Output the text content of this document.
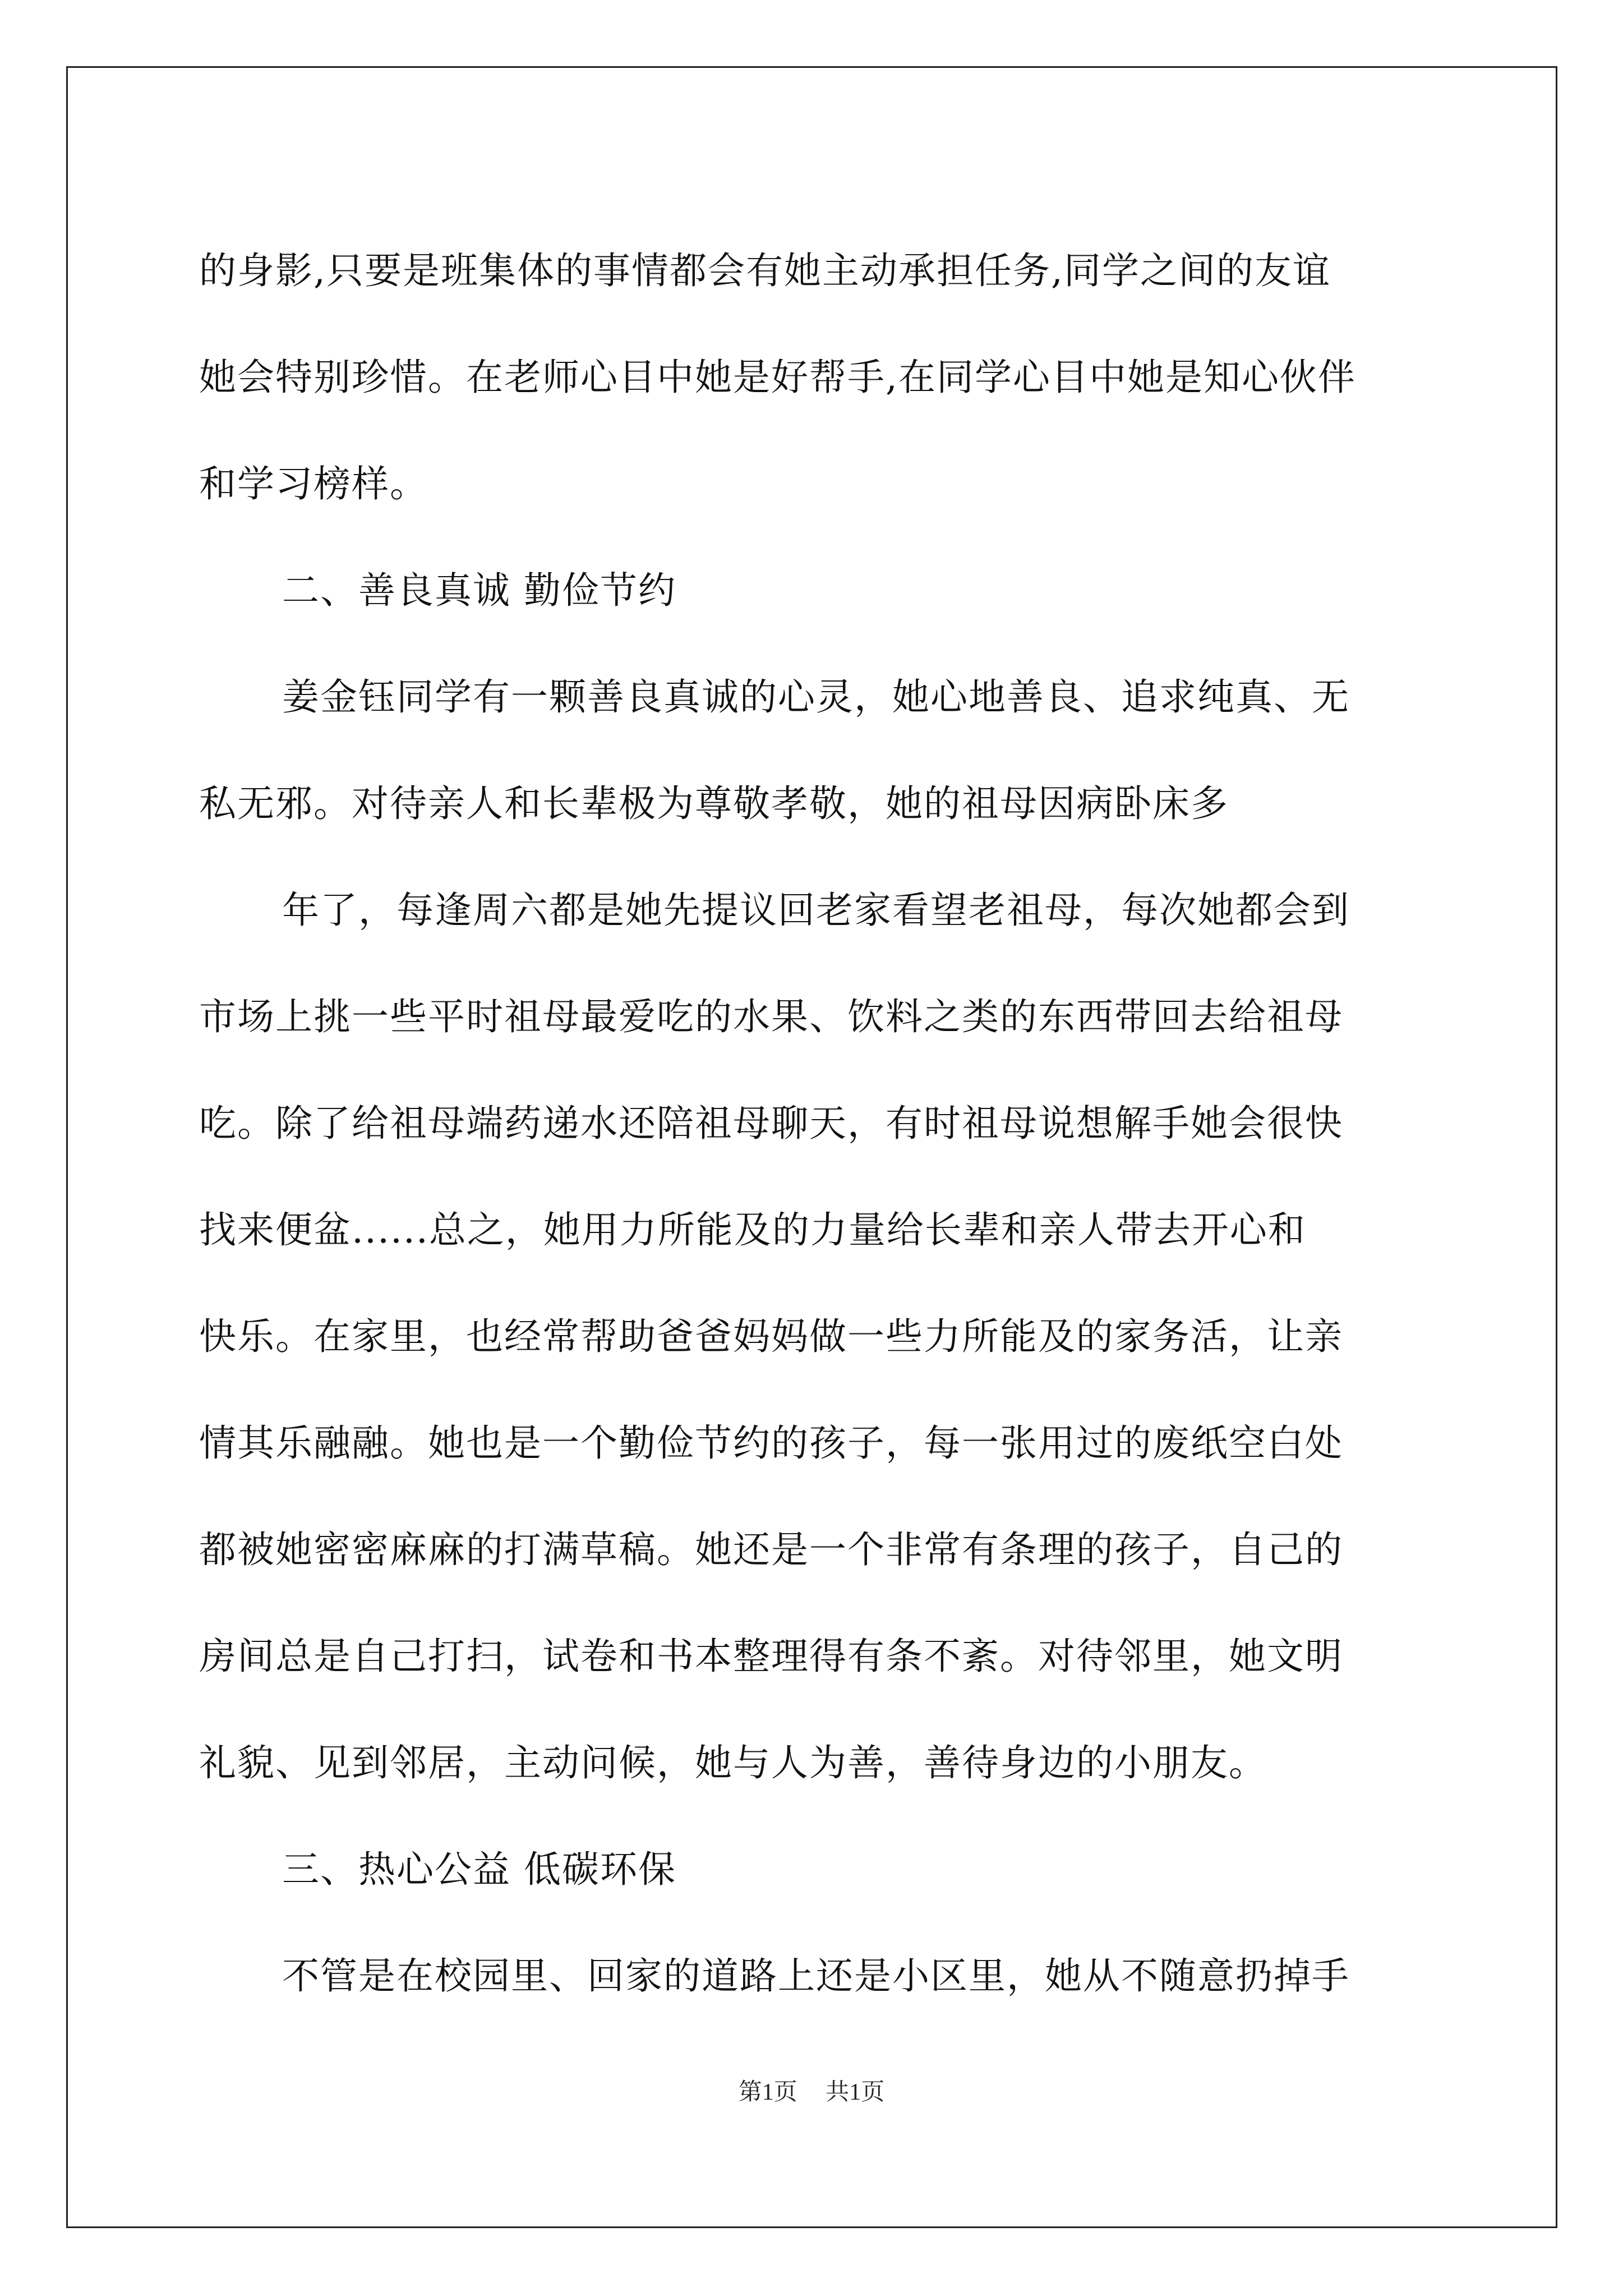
的身影,只要是班集体的事情都会有她主动承担任务,同学之间的友谊
她会特别珍惜。在老师心目中她是好帮手,在同学心目中她是知心伙伴
和学习榜样。
二、善良真诚 勤俭节约
姜金钰同学有一颗善良真诚的心灵，她心地善良、追求纯真、无
私无邪。对待亲人和长辈极为尊敬孝敬，她的祖母因病卧床多
年了，每逢周六都是她先提议回老家看望老祖母，每次她都会到
市场上挑一些平时祖母最爱吃的水果、饮料之类的东西带回去给祖母
吃。除了给祖母端药递水还陪祖母聊天，有时祖母说想解手她会很快
找来便盆......总之，她用力所能及的力量给长辈和亲人带去开心和
快乐。在家里，也经常帮助爸爸妈妈做一些力所能及的家务活，让亲
情其乐融融。她也是一个勤俭节约的孩子，每一张用过的废纸空白处
都被她密密麻麻的打满草稿。她还是一个非常有条理的孩子，自己的
房间总是自己打扫，试卷和书本整理得有条不紊。对待邻里，她文明
礼貌、见到邻居，主动问候，她与人为善，善待身边的小朋友。
三、热心公益 低碳环保
不管是在校园里、回家的道路上还是小区里，她从不随意扔掉手
第1页 共1页
